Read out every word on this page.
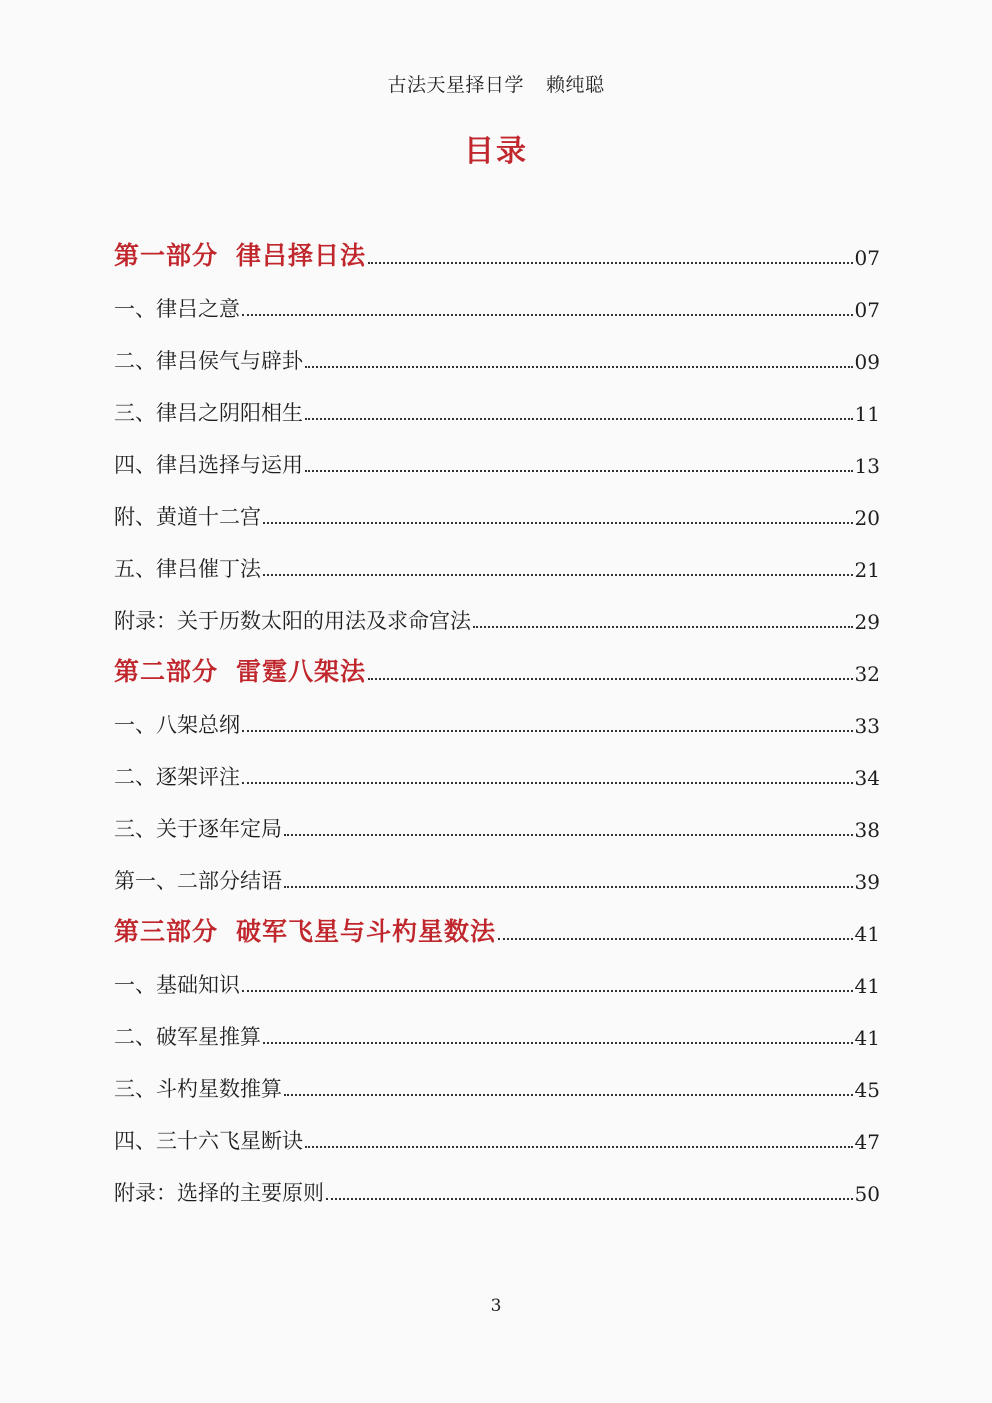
古法天星择日学 赖纯聪
目录
第一部分 律吕择日法	07
一、律吕之意	07
二、律吕侯气与辟卦	09
三、律吕之阴阳相生	11
四、律吕选择与运用	13
附、黄道十二宫	20
五、律吕催丁法	21
附录：关于历数太阳的用法及求命宫法	29
第二部分 雷霆八架法	32
一、八架总纲	33
二、逐架评注	34
三、关于逐年定局	38
第一、二部分结语	39
第三部分 破军飞星与斗杓星数法	41
一、基础知识	41
二、破军星推算	41
三、斗杓星数推算	45
四、三十六飞星断诀	47
附录：选择的主要原则	50
3
